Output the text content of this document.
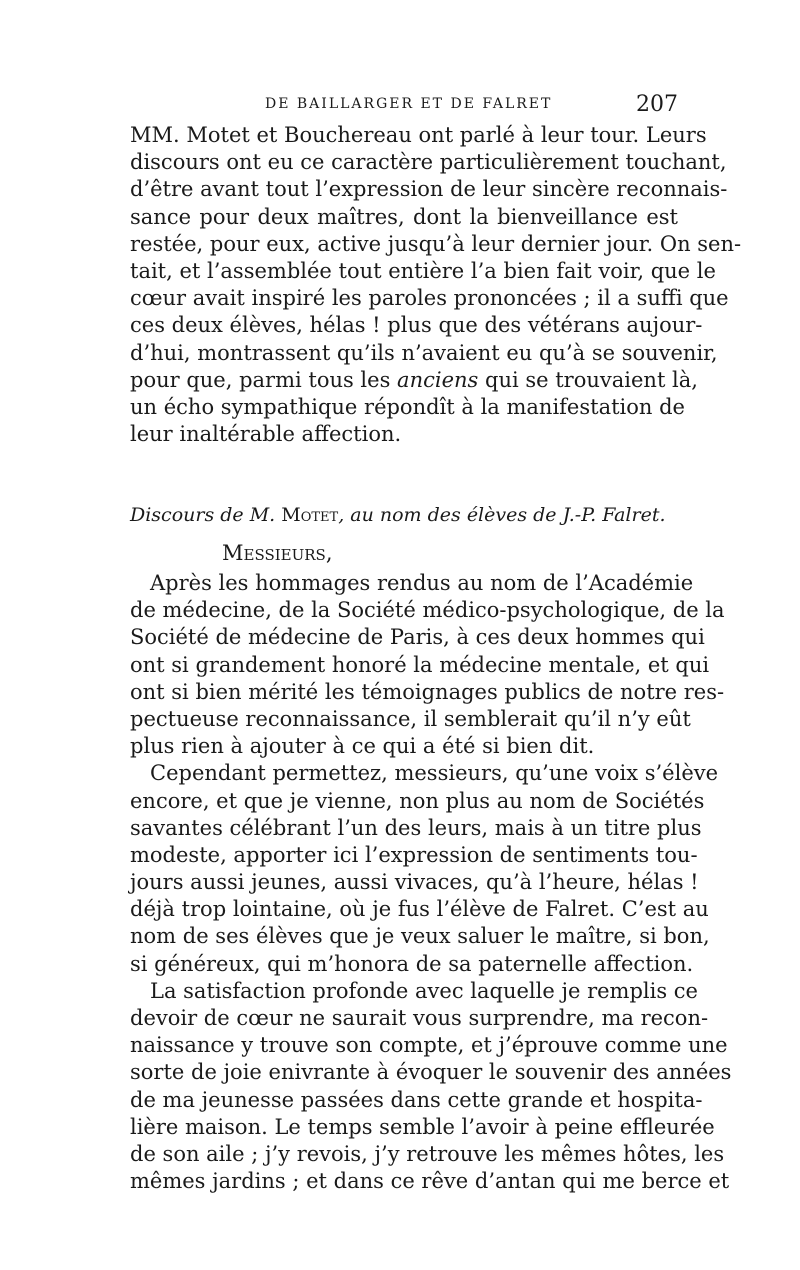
DE BAILLARGER ET DE FALRET	207
MM. Motet et Bouchereau ont parlé à leur tour. Leurs
discours ont eu ce caractère particulièrement touchant,
d’être avant tout l’expression de leur sincère reconnais-
sance pour deux maîtres, dont la bienveillance est
restée, pour eux, active jusqu’à leur dernier jour. On sen-
tait, et l’assemblée tout entière l’a bien fait voir, que le
cœur avait inspiré les paroles prononcées ; il a suffi que
ces deux élèves, hélas ! plus que des vétérans aujour-
d’hui, montrassent qu’ils n’avaient eu qu’à se souvenir,
pour que, parmi tous les anciens qui se trouvaient là,
un écho sympathique répondît à la manifestation de
leur inaltérable affection.
Discours de M. Motet, au nom des élèves de J.-P. Falret.
Messieurs,
Après les hommages rendus au nom de l’Académie
de médecine, de la Société médico-psychologique, de la
Société de médecine de Paris, à ces deux hommes qui
ont si grandement honoré la médecine mentale, et qui
ont si bien mérité les témoignages publics de notre res-
pectueuse reconnaissance, il semblerait qu’il n’y eût
plus rien à ajouter à ce qui a été si bien dit.
Cependant permettez, messieurs, qu’une voix s’élève
encore, et que je vienne, non plus au nom de Sociétés
savantes célébrant l’un des leurs, mais à un titre plus
modeste, apporter ici l’expression de sentiments tou-
jours aussi jeunes, aussi vivaces, qu’à l’heure, hélas !
déjà trop lointaine, où je fus l’élève de Falret. C’est au
nom de ses élèves que je veux saluer le maître, si bon,
si généreux, qui m’honora de sa paternelle affection.
La satisfaction profonde avec laquelle je remplis ce
devoir de cœur ne saurait vous surprendre, ma recon-
naissance y trouve son compte, et j’éprouve comme une
sorte de joie enivrante à évoquer le souvenir des années
de ma jeunesse passées dans cette grande et hospita-
lière maison. Le temps semble l’avoir à peine effleurée
de son aile ; j’y revois, j’y retrouve les mêmes hôtes, les
mêmes jardins ; et dans ce rêve d’antan qui me berce et
